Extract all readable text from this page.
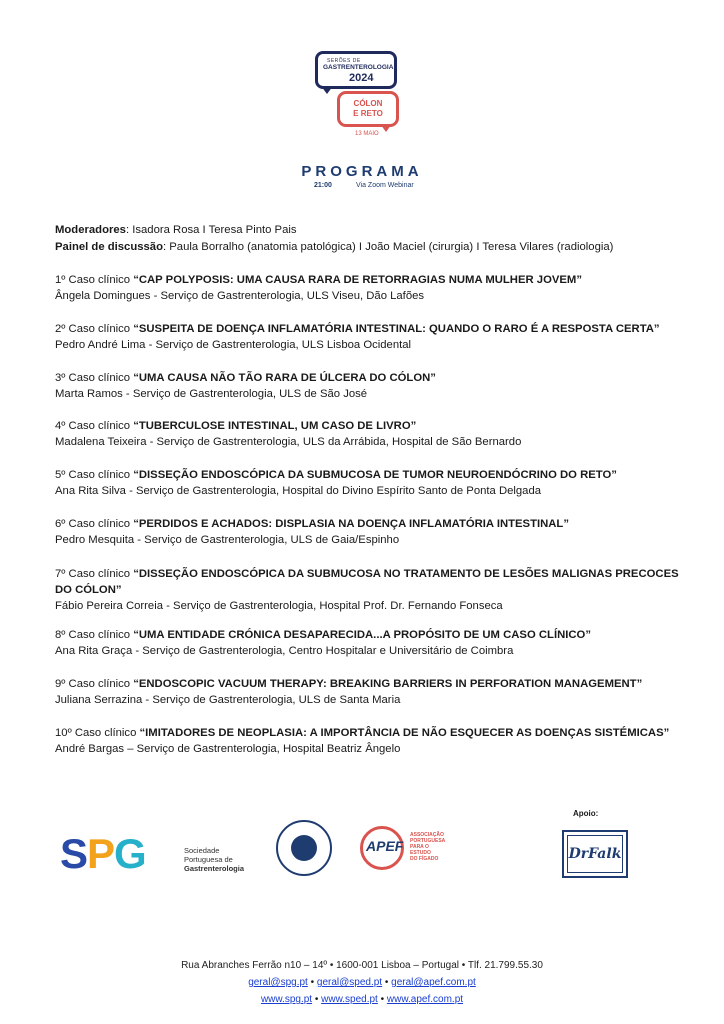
SERÕES DE
GASTRENTEROLOGIA
2024
CÓLON
E RETO
13 MAIO
PROGRAMA
21:00	Via Zoom Webinar
Moderadores: Isadora Rosa I Teresa Pinto Pais
Painel de discussão: Paula Borralho (anatomia patológica) I João Maciel (cirurgia) I Teresa Vilares (radiologia)
1º Caso clínico “CAP POLYPOSIS: UMA CAUSA RARA DE RETORRAGIAS NUMA MULHER JOVEM”
Ângela Domingues - Serviço de Gastrenterologia, ULS Viseu, Dão Lafões
2º Caso clínico “SUSPEITA DE DOENÇA INFLAMATÓRIA INTESTINAL: QUANDO O RARO É A RESPOSTA CERTA”
Pedro André Lima - Serviço de Gastrenterologia, ULS Lisboa Ocidental
3º Caso clínico “UMA CAUSA NÃO TÃO RARA DE ÚLCERA DO CÓLON”
Marta Ramos - Serviço de Gastrenterologia, ULS de São José
4º Caso clínico “TUBERCULOSE INTESTINAL, UM CASO DE LIVRO”
Madalena Teixeira - Serviço de Gastrenterologia, ULS da Arrábida, Hospital de São Bernardo
5º Caso clínico “DISSEÇÃO ENDOSCÓPICA DA SUBMUCOSA DE TUMOR NEUROENDÓCRINO DO RETO”
Ana Rita Silva - Serviço de Gastrenterologia, Hospital do Divino Espírito Santo de Ponta Delgada
6º Caso clínico “PERDIDOS E ACHADOS: DISPLASIA NA DOENÇA INFLAMATÓRIA INTESTINAL”
Pedro Mesquita - Serviço de Gastrenterologia, ULS de Gaia/Espinho
7º Caso clínico “DISSEÇÃO ENDOSCÓPICA DA SUBMUCOSA NO TRATAMENTO DE LESÕES MALIGNAS PRECOCES DO CÓLON”
Fábio Pereira Correia - Serviço de Gastrenterologia, Hospital Prof. Dr. Fernando Fonseca
8º Caso clínico “UMA ENTIDADE CRÓNICA DESAPARECIDA...A PROPÓSITO DE UM CASO CLÍNICO”
Ana Rita Graça - Serviço de Gastrenterologia, Centro Hospitalar e Universitário de Coimbra
9º Caso clínico “ENDOSCOPIC VACUUM THERAPY: BREAKING BARRIERS IN PERFORATION MANAGEMENT”
Juliana Serrazina - Serviço de Gastrenterologia, ULS de Santa Maria
10º Caso clínico “IMITADORES DE NEOPLASIA: A IMPORTÂNCIA DE NÃO ESQUECER AS DOENÇAS SISTÉMICAS”
André Bargas – Serviço de Gastrenterologia, Hospital Beatriz Ângelo
SPG	Sociedade
Portuguesa de
Gastrenterologia
APEF
ASSOCIAÇÃO
PORTUGUESA
PARA O ESTUDO
DO FÍGADO
Apoio:
DrFalk
Rua Abranches Ferrão n10 – 14º • 1600-001 Lisboa – Portugal • Tlf. 21.799.55.30
geral@spg.pt • geral@sped.pt • geral@apef.com.pt
www.spg.pt • www.sped.pt • www.apef.com.pt
